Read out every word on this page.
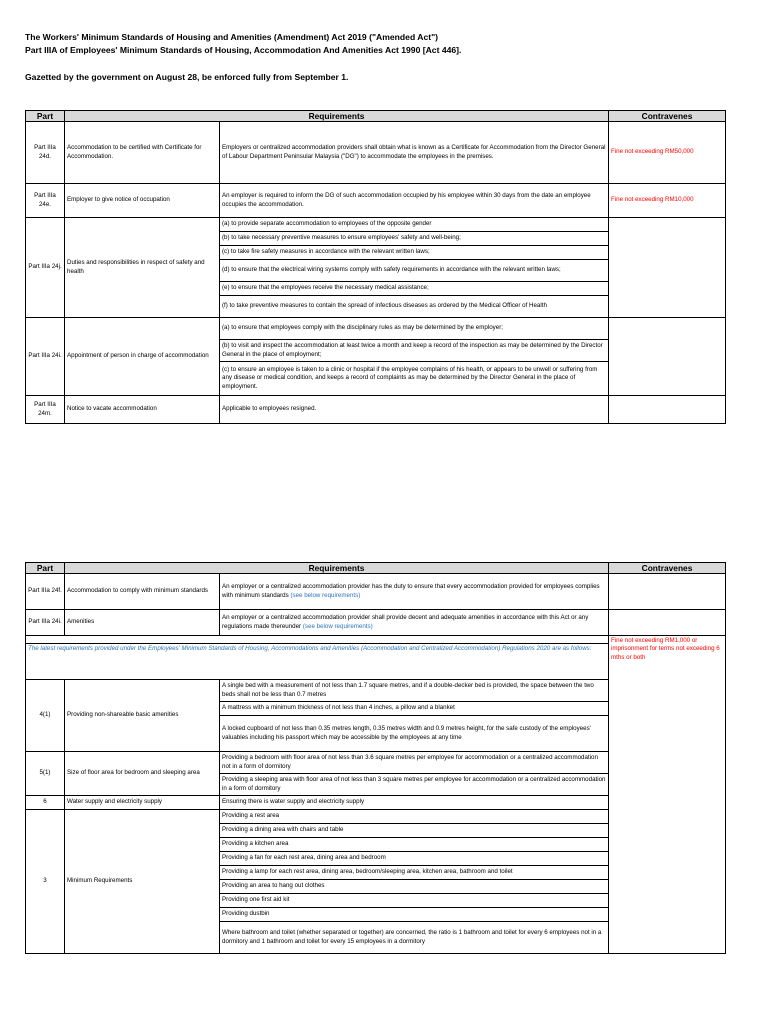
The Workers' Minimum Standards of Housing and Amenities (Amendment) Act 2019 ("Amended Act")
Part IIIA of Employees' Minimum Standards of Housing, Accommodation And Amenities Act 1990 [Act 446].
Gazetted by the government on August 28, be enforced fully from September 1.
Part	Requirements		Contravenes
Part IIIa 24d.	Accommodation to be certified with Certificate for Accommodation.	Employers or centralized accommodation providers shall obtain what is known as a Certificate for Accommodation from the Director General of Labour Department Peninsular Malaysia ("DG") to accommodate the employees in the premises.	Fine not exceeding RM50,000
Part IIIa 24e.	Employer to give notice of occupation	An employer is required to inform the DG of such accommodation occupied by his employee within 30 days from the date an employee occupies the accommodation.	Fine not exceeding RM10,000
Part IIIa 24j.	Duties and responsibilities in respect of safety and health	(a) to provide separate accommodation to employees of the opposite gender	
		(b) to take necessary preventive measures to ensure employees' safety and well-being;	
		(c) to take fire safety measures in accordance with the relevant written laws;	
		(d) to ensure that the electrical wiring systems comply with safety requirements in accordance with the relevant written laws;	
		(e) to ensure that the employees receive the necessary medical assistance;	
		(f) to take preventive measures to contain the spread of infectious diseases as ordered by the Medical Officer of Health	
Part IIIa 24i.	Appointment of person in charge of accommodation	(a) to ensure that employees comply with the disciplinary rules as may be determined by the employer;	
		(b) to visit and inspect the accommodation at least twice a month and keep a record of the inspection as may be determined by the Director General in the place of employment;	
		(c) to ensure an employee is taken to a clinic or hospital if the employee complains of his health, or appears to be unwell or suffering from any disease or medical condition, and keeps a record of complaints as may be determined by the Director General in the place of employment.	
Part IIIa 24m.	Notice to vacate accommodation	Applicable to employees resigned.	
Part	Requirements		Contravenes
Part IIIa 24f.	Accommodation to comply with minimum standards	An employer or a centralized accommodation provider has the duty to ensure that every accommodation provided for employees complies with minimum standards (see below requirements)	
Part IIIa 24i.	Amenities	An employer or a centralized accommodation provider shall provide decent and adequate amenities in accordance with this Act or any regulations made thereunder (see below requirements)	
			Fine not exceeding RM1,000 or imprisonment for terms not exceeding 6 mths or both
The latest requirements provided under the Employees' Minimum Standards of Housing, Accommodations and Amenities (Accommodation and Centralized Accommodation) Regulations 2020 are as follows:			
4(1)	Providing non-shareable basic amenities	A single bed with a measurement of not less than 1.7 square metres, and if a double-decker bed is provided, the space between the two beds shall not be less than 0.7 metres	
		A mattress with a minimum thickness of not less than 4 inches, a pillow and a blanket	
		A locked cupboard of not less than 0.35 metres length, 0.35 metres width and 0.9 metres height, for the safe custody of the employees' valuables including his passport which may be accessible by the employees at any time	
5(1)	Size of floor area for bedroom and sleeping area	Providing a bedroom with floor area of not less than 3.6 square metres per employee for accommodation or a centralized accommodation not in a form of dormitory	
		Providing a sleeping area with floor area of not less than 3 square metres per employee for accommodation or a centralized accommodation in a form of dormitory	
6	Water supply and electricity supply	Ensuring there is water supply and electricity supply	
3	Minimum Requirements	Providing a rest area	
		Providing a dining area with chairs and table	
		Providing a kitchen area	
		Providing a fan for each rest area, dining area and bedroom	
		Providing a lamp for each rest area, dining area, bedroom/sleeping area, kitchen area, bathroom and toilet	
		Providing an area to hang out clothes	
		Providing one first aid kit	
		Providing dustbin	
		Where bathroom and toilet (whether separated or together) are concerned, the ratio is 1 bathroom and toilet for every 6 employees not in a dormitory and 1 bathroom and toilet for every 15 employees in a dormitory	
